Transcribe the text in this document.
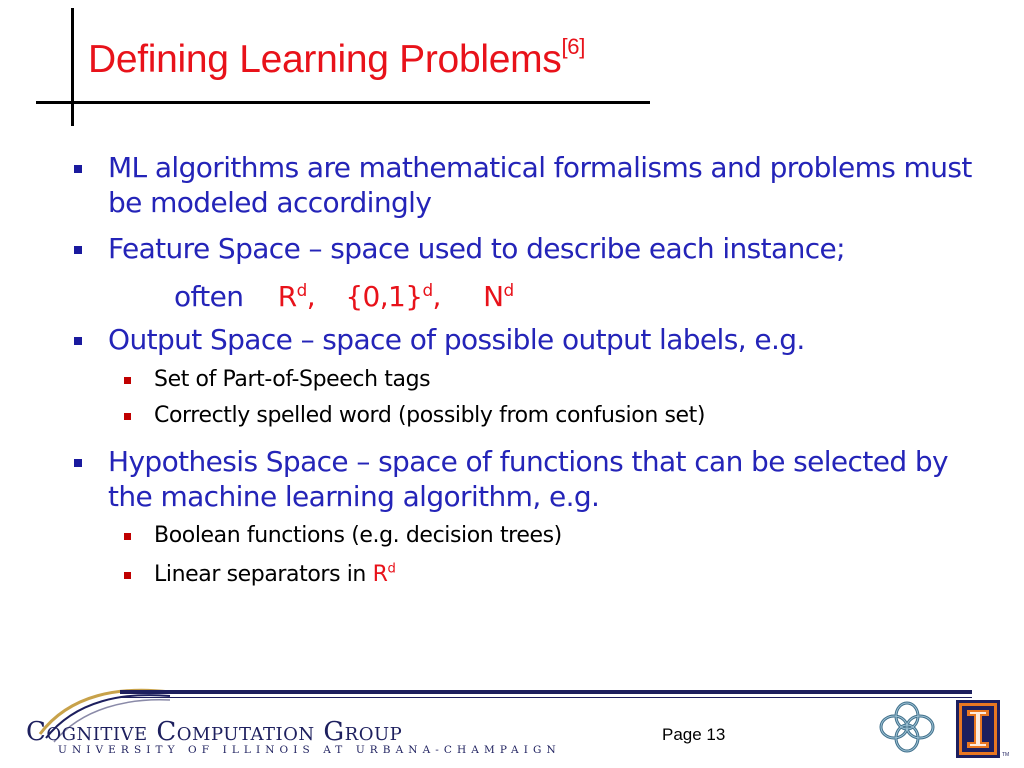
Defining Learning Problems[6]
ML algorithms are mathematical formalisms and problems must be modeled accordingly
Feature Space – space used to describe each instance;
often Rd, {0,1}d, Nd
Output Space – space of possible output labels, e.g.
Set of Part-of-Speech tags
Correctly spelled word (possibly from confusion set)
Hypothesis Space – space of functions that can be selected by the machine learning algorithm, e.g.
Boolean functions (e.g. decision trees)
Linear separators in $R^d$
Cognitive Computation Group
UNIVERSITY OF ILLINOIS AT URBANA-CHAMPAIGN
Page 13
TM
